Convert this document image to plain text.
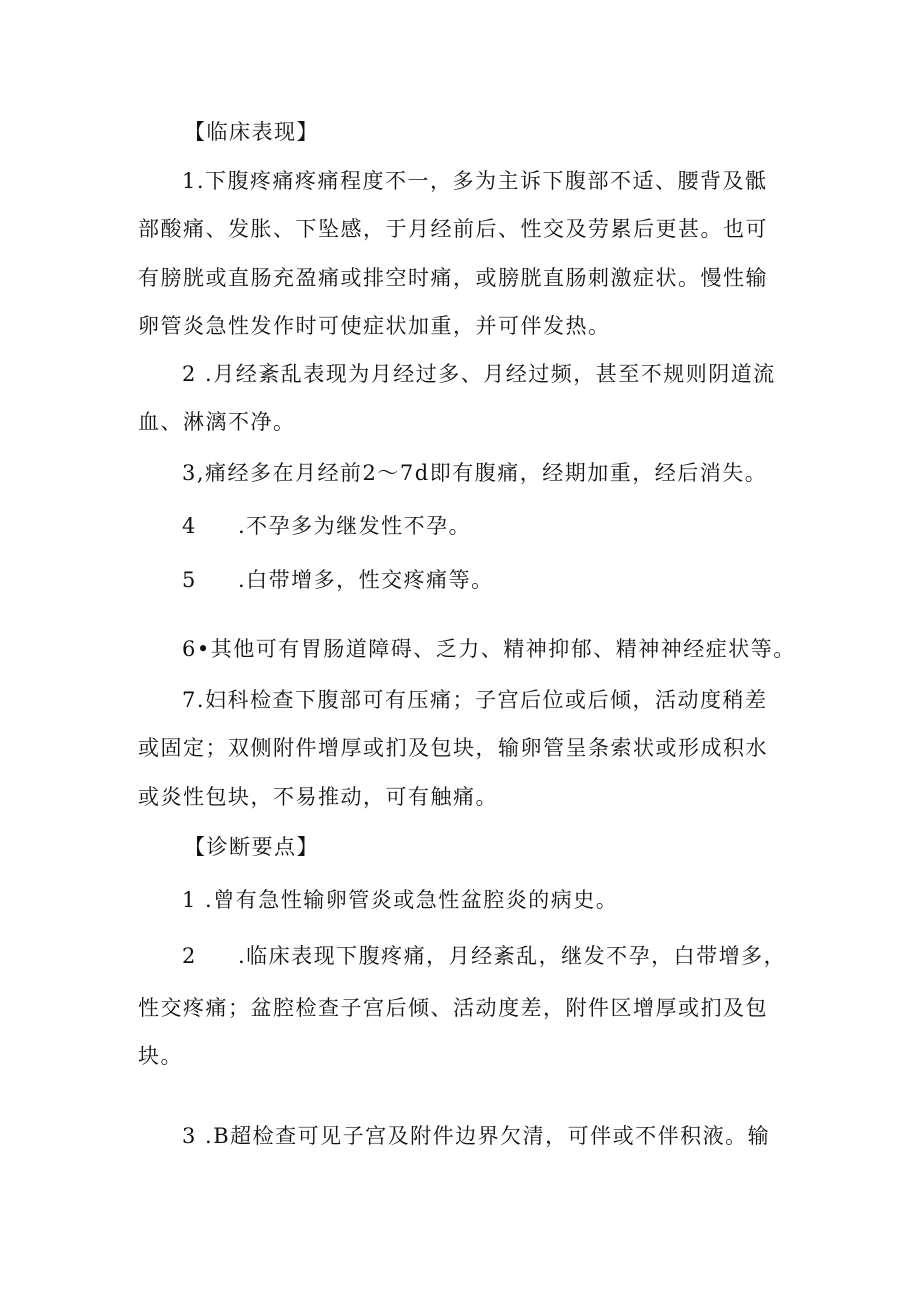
【临床表现】
1.下腹疼痛疼痛程度不一，多为主诉下腹部不适、腰背及骶
部酸痛、发胀、下坠感，于月经前后、性交及劳累后更甚。也可
有膀胱或直肠充盈痛或排空时痛，或膀胱直肠刺激症状。慢性输
卵管炎急性发作时可使症状加重，并可伴发热。
2 .月经紊乱表现为月经过多、月经过频，甚至不规则阴道流
血、淋漓不净。
3,痛经多在月经前2～7d即有腹痛，经期加重，经后消失。
4 .不孕多为继发性不孕。
5 .白带增多，性交疼痛等。
6•其他可有胃肠道障碍、乏力、精神抑郁、精神神经症状等。
7.妇科检查下腹部可有压痛；子宫后位或后倾，活动度稍差
或固定；双侧附件增厚或扪及包块，输卵管呈条索状或形成积水
或炎性包块，不易推动，可有触痛。
【诊断要点】
1 .曾有急性输卵管炎或急性盆腔炎的病史。
2 .临床表现下腹疼痛，月经紊乱，继发不孕，白带增多，
性交疼痛；盆腔检查子宫后倾、活动度差，附件区增厚或扪及包
块。
3 .B超检查可见子宫及附件边界欠清，可伴或不伴积液。输
